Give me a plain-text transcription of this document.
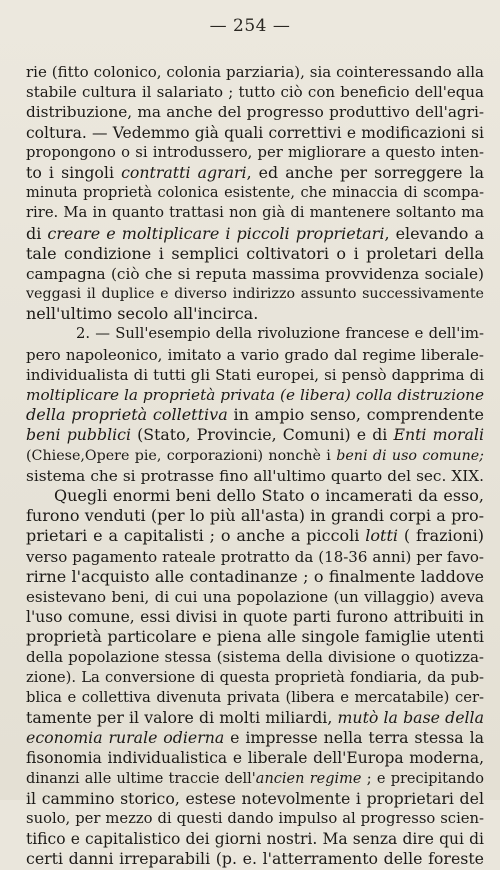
— 254 —
rie (fitto colonico, colonia parziaria), sia cointeressando alla
stabile cultura il salariato ; tutto ciò con beneficio dell'equa
distribuzione, ma anche del progresso produttivo dell'agri-
coltura. — Vedemmo già quali correttivi e modificazioni si
propongono o si introdussero, per migliorare a questo inten-
to i singoli contratti agrari, ed anche per sorreggere la
minuta proprietà colonica esistente, che minaccia di scompa-
rire. Ma in quanto trattasi non già di mantenere soltanto ma
di creare e moltiplicare i piccoli proprietari, elevando a
tale condizione i semplici coltivatori o i proletari della
campagna (ciò che si reputa massima provvidenza sociale)
veggasi il duplice e diverso indirizzo assunto successivamente
nell'ultimo secolo all'incirca.
2. — Sull'esempio della rivoluzione francese e dell'im-
pero napoleonico, imitato a vario grado dal regime liberale-
individualista di tutti gli Stati europei, si pensò dapprima di
moltiplicare la proprietà privata (e libera) colla distruzione
della proprietà collettiva in ampio senso, comprendente
beni pubblici (Stato, Provincie, Comuni) e di Enti morali
(Chiese,Opere pie, corporazioni) nonchè i beni di uso comune;
sistema che si protrasse fino all'ultimo quarto del sec. XIX.
Quegli enormi beni dello Stato o incamerati da esso,
furono venduti (per lo più all'asta) in grandi corpi a pro-
prietari e a capitalisti ; o anche a piccoli lotti ( frazioni)
verso pagamento rateale protratto da (18-36 anni) per favo-
rirne l'acquisto alle contadinanze ; o finalmente laddove
esistevano beni, di cui una popolazione (un villaggio) aveva
l'uso comune, essi divisi in quote parti furono attribuiti in
proprietà particolare e piena alle singole famiglie utenti
della popolazione stessa (sistema della divisione o quotizza-
zione). La conversione di questa proprietà fondiaria, da pub-
blica e collettiva divenuta privata (libera e mercatabile) cer-
tamente per il valore di molti miliardi, mutò la base della
economia rurale odierna e impresse nella terra stessa la
fisonomia individualistica e liberale dell'Europa moderna,
dinanzi alle ultime traccie dell'ancien regime ; e precipitando
il cammino storico, estese notevolmente i proprietari del
suolo, per mezzo di questi dando impulso al progresso scien-
tifico e capitalistico dei giorni nostri. Ma senza dire qui di
certi danni irreparabili (p. e. l'atterramento delle foreste
